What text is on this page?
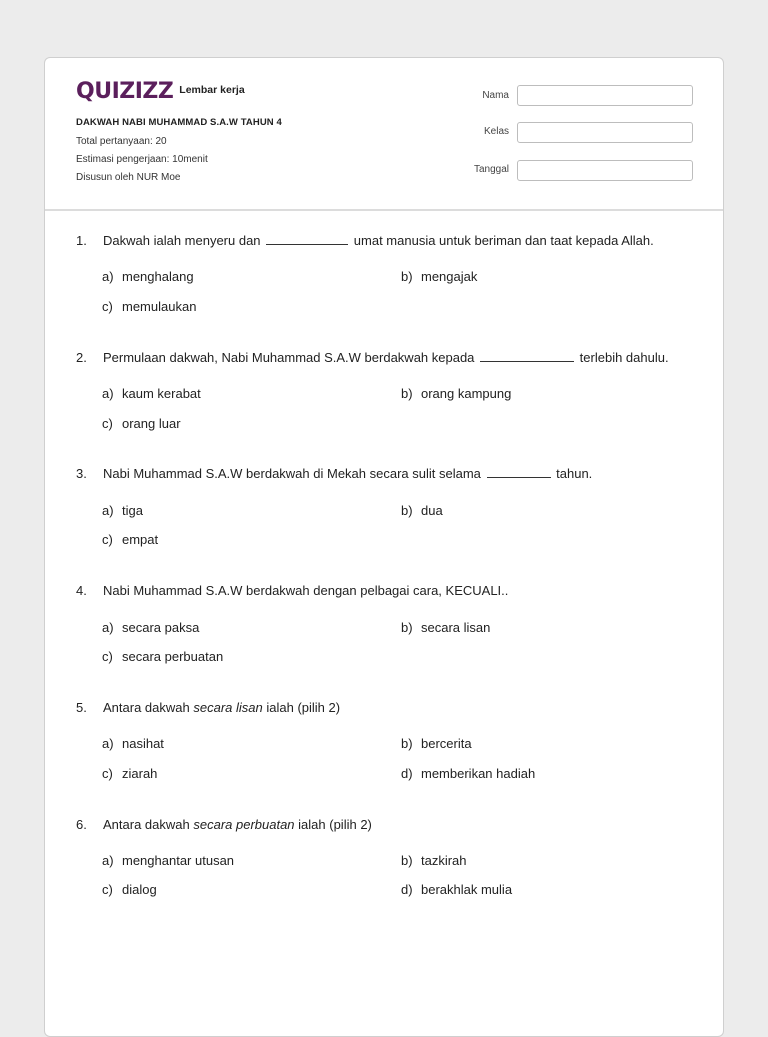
QUIZIZZ Lembar kerja
DAKWAH NABI MUHAMMAD S.A.W TAHUN 4
Total pertanyaan: 20
Estimasi pengerjaan: 10menit
Disusun oleh NUR Moe
Nama
Kelas
Tanggal
1. Dakwah ialah menyeru dan	umat manusia untuk beriman dan taat kepada Allah.
a) menghalang	b) mengajak
c) memulaukan
2. Permulaan dakwah, Nabi Muhammad S.A.W berdakwah kepada	terlebih dahulu.
a) kaum kerabat	b) orang kampung
c) orang luar
3. Nabi Muhammad S.A.W berdakwah di Mekah secara sulit selama	tahun.
a) tiga	b) dua
c) empat
4. Nabi Muhammad S.A.W berdakwah dengan pelbagai cara, KECUALI..
a) secara paksa	b) secara lisan
c) secara perbuatan
5. Antara dakwah secara lisan ialah (pilih 2)
a) nasihat	b) bercerita
c) ziarah	d) memberikan hadiah
6. Antara dakwah secara perbuatan ialah (pilih 2)
a) menghantar utusan	b) tazkirah
c) dialog	d) berakhlak mulia
